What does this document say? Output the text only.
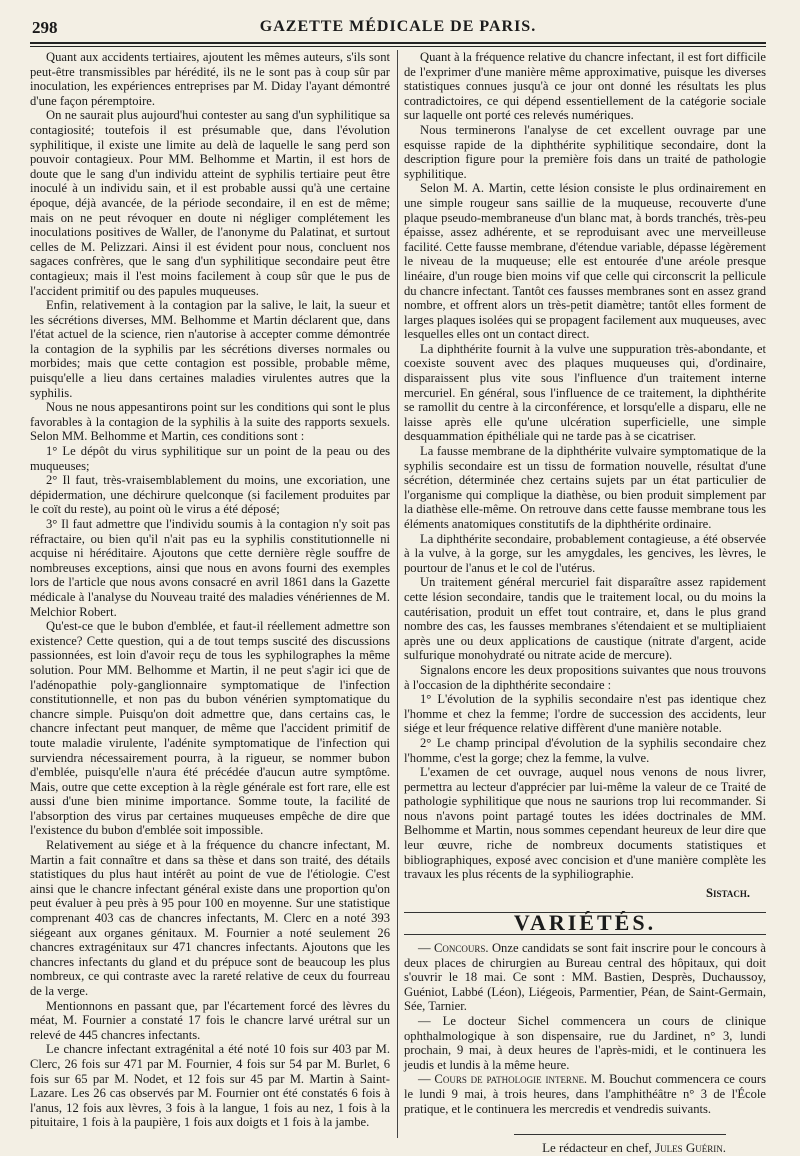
298	GAZETTE MÉDICALE DE PARIS.

Quant aux accidents tertiaires, ajoutent les mêmes auteurs, s'ils sont peut-être transmissibles par hérédité, ils ne le sont pas à coup sûr par inoculation, les expériences entreprises par M. Diday l'ayant démontré d'une façon péremptoire.

On ne saurait plus aujourd'hui contester au sang d'un syphilitique sa contagiosité; toutefois il est présumable que, dans l'évolution syphilitique, il existe une limite au delà de laquelle le sang perd son pouvoir contagieux. Pour MM. Belhomme et Martin, il est hors de doute que le sang d'un individu atteint de syphilis tertiaire peut être inoculé à un individu sain, et il est probable aussi qu'à une certaine époque, déjà avancée, de la période secondaire, il en est de même; mais on ne peut révoquer en doute ni négliger complétement les inoculations positives de Waller, de l'anonyme du Palatinat, et surtout celles de M. Pelizzari. Ainsi il est évident pour nous, concluent nos sagaces confrères, que le sang d'un syphilitique secondaire peut être contagieux; mais il l'est moins facilement à coup sûr que le pus de l'accident primitif ou des papules muqueuses.

Enfin, relativement à la contagion par la salive, le lait, la sueur et les sécrétions diverses, MM. Belhomme et Martin déclarent que, dans l'état actuel de la science, rien n'autorise à accepter comme démontrée la contagion de la syphilis par les sécrétions diverses normales ou morbides; mais que cette contagion est possible, probable même, puisqu'elle a lieu dans certaines maladies virulentes autres que la syphilis.

Nous ne nous appesantirons point sur les conditions qui sont le plus favorables à la contagion de la syphilis à la suite des rapports sexuels. Selon MM. Belhomme et Martin, ces conditions sont :

1° Le dépôt du virus syphilitique sur un point de la peau ou des muqueuses;

2° Il faut, très-vraisemblablement du moins, une excoriation, une dépidermation, une déchirure quelconque (si facilement produites par le coït du reste), au point où le virus a été déposé;

3° Il faut admettre que l'individu soumis à la contagion n'y soit pas réfractaire, ou bien qu'il n'ait pas eu la syphilis constitutionnelle ni acquise ni héréditaire. Ajoutons que cette dernière règle souffre de nombreuses exceptions, ainsi que nous en avons fourni des exemples lors de l'article que nous avons consacré en avril 1861 dans la Gazette médicale à l'analyse du Nouveau traité des maladies vénériennes de M. Melchior Robert.

Qu'est-ce que le bubon d'emblée, et faut-il réellement admettre son existence? Cette question, qui a de tout temps suscité des discussions passionnées, est loin d'avoir reçu de tous les syphilographes la même solution. Pour MM. Belhomme et Martin, il ne peut s'agir ici que de l'adénopathie poly-ganglionnaire symptomatique de l'infection constitutionnelle, et non pas du bubon vénérien symptomatique du chancre simple. Puisqu'on doit admettre que, dans certains cas, le chancre infectant peut manquer, de même que l'accident primitif de toute maladie virulente, l'adénite symptomatique de l'infection qui surviendra nécessairement pourra, à la rigueur, se nommer bubon d'emblée, puisqu'elle n'aura été précédée d'aucun autre symptôme. Mais, outre que cette exception à la règle générale est fort rare, elle est aussi d'une bien minime importance. Somme toute, la facilité de l'absorption des virus par certaines muqueuses empêche de dire que l'existence du bubon d'emblée soit impossible.

Relativement au siége et à la fréquence du chancre infectant, M. Martin a fait connaître et dans sa thèse et dans son traité, des détails statistiques du plus haut intérêt au point de vue de l'étiologie. C'est ainsi que le chancre infectant général existe dans une proportion qu'on peut évaluer à peu près à 95 pour 100 en moyenne. Sur une statistique comprenant 403 cas de chancres infectants, M. Clerc en a noté 393 siégeant aux organes génitaux. M. Fournier a noté seulement 26 chancres extragénitaux sur 471 chancres infectants. Ajoutons que les chancres infectants du gland et du prépuce sont de beaucoup les plus nombreux, ce qui contraste avec la rareté relative de ceux du fourreau de la verge.

Mentionnons en passant que, par l'écartement forcé des lèvres du méat, M. Fournier a constaté 17 fois le chancre larvé urétral sur un relevé de 445 chancres infectants.

Le chancre infectant extragénital a été noté 10 fois sur 403 par M. Clerc, 26 fois sur 471 par M. Fournier, 4 fois sur 54 par M. Burlet, 6 fois sur 65 par M. Nodet, et 12 fois sur 45 par M. Martin à Saint-Lazare. Les 26 cas observés par M. Fournier ont été constatés 6 fois à l'anus, 12 fois aux lèvres, 3 fois à la langue, 1 fois au nez, 1 fois à la pituitaire, 1 fois à la paupière, 1 fois aux doigts et 1 fois à la jambe.

Quant à la fréquence relative du chancre infectant, il est fort difficile de l'exprimer d'une manière même approximative, puisque les diverses statistiques connues jusqu'à ce jour ont donné les résultats les plus contradictoires, ce qui dépend essentiellement de la catégorie sociale sur laquelle ont porté ces relevés numériques.

Nous terminerons l'analyse de cet excellent ouvrage par une esquisse rapide de la diphthérite syphilitique secondaire, dont la description figure pour la première fois dans un traité de pathologie syphilitique.

Selon M. A. Martin, cette lésion consiste le plus ordinairement en une simple rougeur sans saillie de la muqueuse, recouverte d'une plaque pseudo-membraneuse d'un blanc mat, à bords tranchés, très-peu épaisse, assez adhérente, et se reproduisant avec une merveilleuse facilité. Cette fausse membrane, d'étendue variable, dépasse légèrement le niveau de la muqueuse; elle est entourée d'une aréole presque linéaire, d'un rouge bien moins vif que celle qui circonscrit la pellicule du chancre infectant. Tantôt ces fausses membranes sont en assez grand nombre, et offrent alors un très-petit diamètre; tantôt elles forment de larges plaques isolées qui se propagent facilement aux muqueuses, avec lesquelles elles ont un contact direct.

La diphthérite fournit à la vulve une suppuration très-abondante, et coexiste souvent avec des plaques muqueuses qui, d'ordinaire, disparaissent plus vite sous l'influence d'un traitement interne mercuriel. En général, sous l'influence de ce traitement, la diphthérite se ramollit du centre à la circonférence, et lorsqu'elle a disparu, elle ne laisse après elle qu'une ulcération superficielle, une simple desquammation épithéliale qui ne tarde pas à se cicatriser.

La fausse membrane de la diphthérite vulvaire symptomatique de la syphilis secondaire est un tissu de formation nouvelle, résultat d'une sécrétion, déterminée chez certains sujets par un état particulier de l'organisme qui complique la diathèse, ou bien produit simplement par la diathèse elle-même. On retrouve dans cette fausse membrane tous les éléments anatomiques constitutifs de la diphthérite ordinaire.

La diphthérite secondaire, probablement contagieuse, a été observée à la vulve, à la gorge, sur les amygdales, les gencives, les lèvres, le pourtour de l'anus et le col de l'utérus.

Un traitement général mercuriel fait disparaître assez rapidement cette lésion secondaire, tandis que le traitement local, ou du moins la cautérisation, produit un effet tout contraire, et, dans le plus grand nombre des cas, les fausses membranes s'étendaient et se multipliaient après une ou deux applications de caustique (nitrate d'argent, acide sulfurique monohydraté ou nitrate acide de mercure).

Signalons encore les deux propositions suivantes que nous trouvons à l'occasion de la diphthérite secondaire :

1° L'évolution de la syphilis secondaire n'est pas identique chez l'homme et chez la femme; l'ordre de succession des accidents, leur siége et leur fréquence relative diffèrent d'une manière notable.

2° Le champ principal d'évolution de la syphilis secondaire chez l'homme, c'est la gorge; chez la femme, la vulve.

L'examen de cet ouvrage, auquel nous venons de nous livrer, permettra au lecteur d'apprécier par lui-même la valeur de ce Traité de pathologie syphilitique que nous ne saurions trop lui recommander. Si nous n'avons point partagé toutes les idées doctrinales de MM. Belhomme et Martin, nous sommes cependant heureux de leur dire que leur œuvre, riche de nombreux documents statistiques et bibliographiques, exposé avec concision et d'une manière complète les travaux les plus récents de la syphiliographie.

Sistach.

VARIÉTÉS.

— Concours. Onze candidats se sont fait inscrire pour le concours à deux places de chirurgien au Bureau central des hôpitaux, qui doit s'ouvrir le 18 mai. Ce sont : MM. Bastien, Desprès, Duchaussoy, Guéniot, Labbé (Léon), Liégeois, Parmentier, Péan, de Saint-Germain, Sée, Tarnier.

— Le docteur Sichel commencera un cours de clinique ophthalmologique à son dispensaire, rue du Jardinet, n° 3, lundi prochain, 9 mai, à deux heures de l'après-midi, et le continuera les jeudis et lundis à la même heure.

— Cours de pathologie interne. M. Bouchut commencera ce cours le lundi 9 mai, à trois heures, dans l'amphithéâtre n° 3 de l'École pratique, et le continuera les mercredis et vendredis suivants.

Le rédacteur en chef, Jules Guérin.
